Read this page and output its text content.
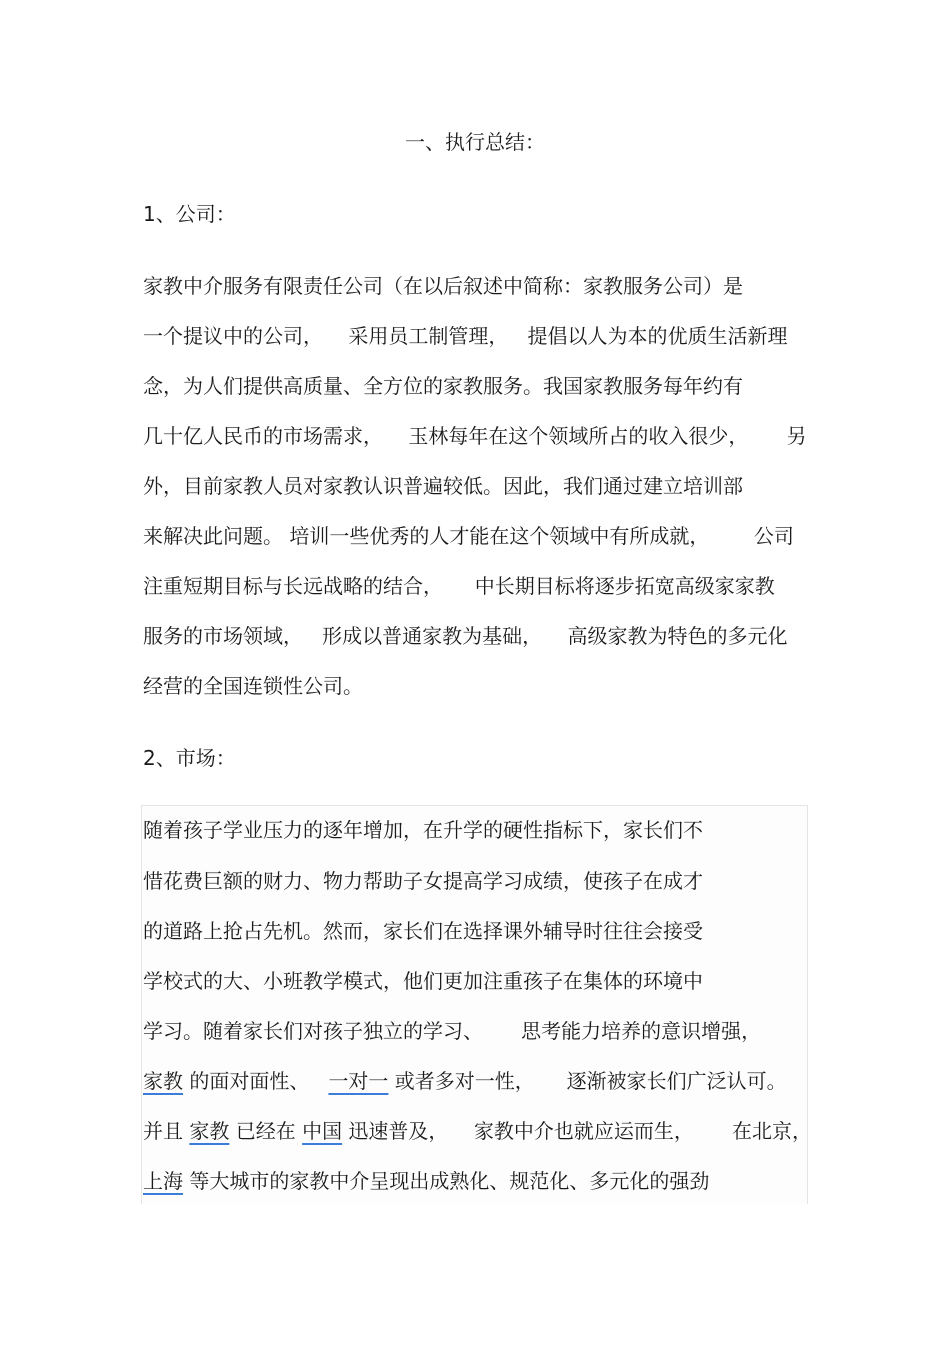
一、执行总结：
1、公司：
家教中介服务有限责任公司（在以后叙述中简称：家教服务公司）是
一个提议中的公司，    采用员工制管理，   提倡以人为本的优质生活新理
念，为人们提供高质量、全方位的家教服务。我国家教服务每年约有
几十亿人民币的市场需求，    玉林每年在这个领域所占的收入很少，      另
外，目前家教人员对家教认识普遍较低。因此，我们通过建立培训部
来解决此问题。 培训一些优秀的人才能在这个领域中有所成就，       公司
注重短期目标与长远战略的结合，     中长期目标将逐步拓宽高级家家教
服务的市场领域，   形成以普通家教为基础，    高级家教为特色的多元化
经营的全国连锁性公司。
2、市场：
随着孩子学业压力的逐年增加，在升学的硬性指标下，家长们不
惜花费巨额的财力、物力帮助子女提高学习成绩，使孩子在成才
的道路上抢占先机。然而，家长们在选择课外辅导时往往会接受
学校式的大、小班教学模式，他们更加注重孩子在集体的环境中
学习。随着家长们对孩子独立的学习、      思考能力培养的意识增强，
家教 的面对面性、   一对一 或者多对一性，     逐渐被家长们广泛认可。
并且 家教 已经在 中国 迅速普及，    家教中介也就应运而生，      在北京，
上海 等大城市的家教中介呈现出成熟化、规范化、多元化的强劲
